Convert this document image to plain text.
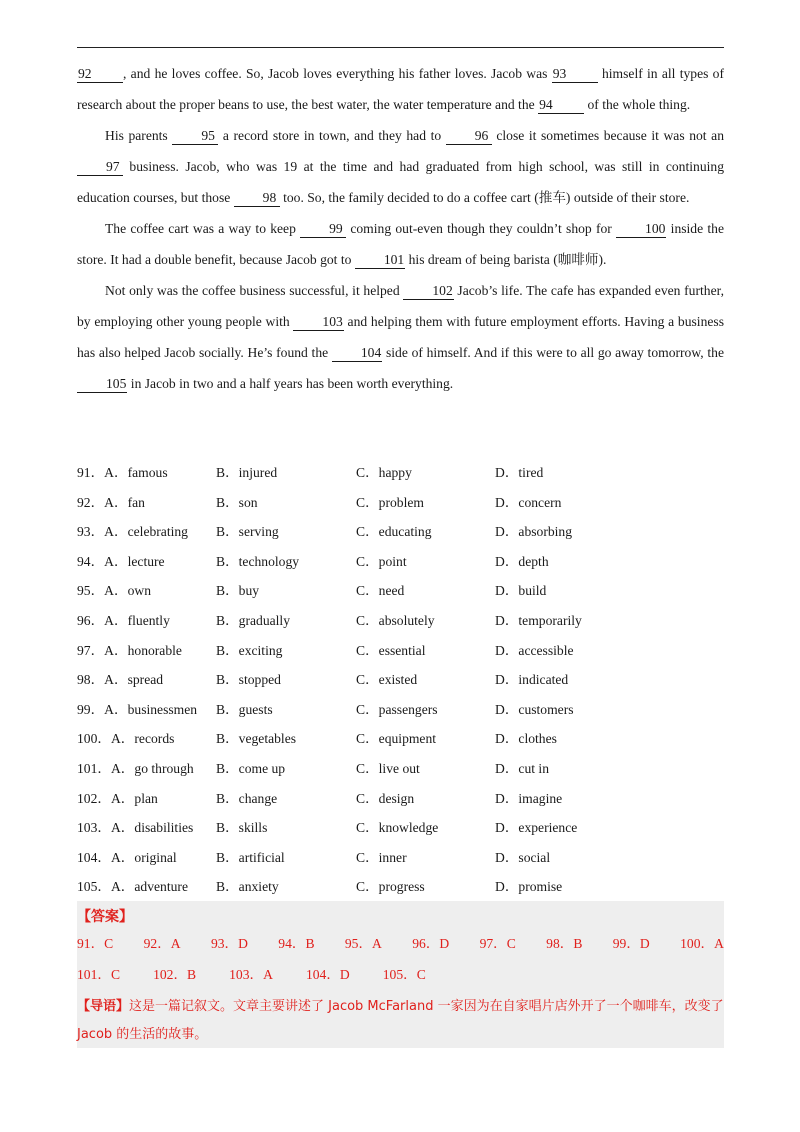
92 , and he loves coffee. So, Jacob loves everything his father loves. Jacob was 93 himself in all types of research about the proper beans to use, the best water, the water temperature and the 94 of the whole thing.

His parents 95 a record store in town, and they had to 96 close it sometimes because it was not an 97 business. Jacob, who was 19 at the time and had graduated from high school, was still in continuing education courses, but those 98 too. So, the family decided to do a coffee cart (推车) outside of their store.

The coffee cart was a way to keep 99 coming out-even though they couldn’t shop for 100 inside the store. It had a double benefit, because Jacob got to 101 his dream of being barista (咖啡师).

Not only was the coffee business successful, it helped 102 Jacob’s life. The cafe has expanded even further, by employing other young people with 103 and helping them with future employment efforts. Having a business has also helped Jacob socially. He’s found the 104 side of himself. And if this were to all go away tomorrow, the 105 in Jacob in two and a half years has been worth everything.

91．A．famous	B．injured	C．happy	D．tired
92．A．fan	B．son	C．problem	D．concern
93．A．celebrating B．serving	C．educating	D．absorbing
94．A．lecture	B．technology	C．point	D．depth
95．A．own	B．buy	C．need	D．build
96．A．fluently	B．gradually	C．absolutely	D．temporarily
97．A．honorable	B．exciting	C．essential	D．accessible
98．A．spread	B．stopped	C．existed	D．indicated
99．A．businessmen B．guests	C．passengers	D．customers
100．A．records	B．vegetables	C．equipment	D．clothes
101．A．go through B．come up	C．live out	D．cut in
102．A．plan	B．change	C．design	D．imagine
103．A．disabilities B．skills	C．knowledge	D．experience
104．A．original	B．artificial	C．inner	D．social
105．A．adventure B．anxiety	C．progress	D．promise
【答案】
91．C 92．A 93．D 94．B 95．A 96．D 97．C 98．B 99．D 100．A
101．C 102．B 103．A 104．D 105．C
【导语】这是一篇记叙文。文章主要讲述了 Jacob McFarland 一家因为在自家唱片店外开了一个咖啡车，改变了 Jacob 的生活的故事。
